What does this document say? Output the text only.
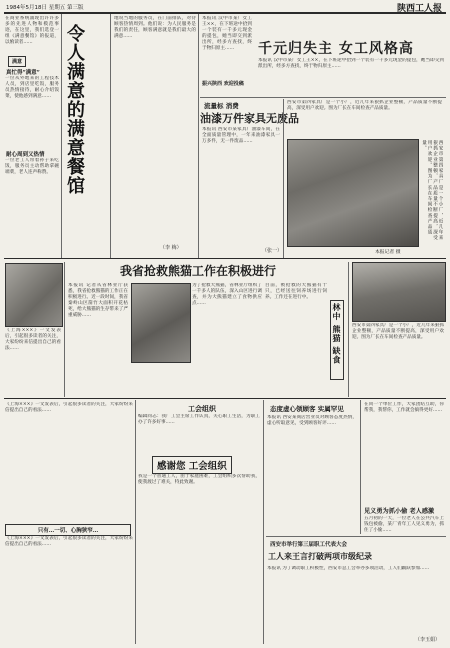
1984年5月18日 星期五 第三版	陕西工人报
在商业系统涌现出许许多多的先进人物和模范事迹，在这里，我们选登一组《满意餐馆》的报道，以飨读者……
满意
真忙得“满意”
一位从外地来的工程技术人员，到店里吃饭，服务员热情接待，耐心介绍饭菜，使他感到满意……
耐心周到又热情
一位老工人带着孙子来吃饭，服务员主动帮助拿碗端菜，老人连声称赞。 令人满意的满意餐馆
地说当地的服务员，在门前排队，对待顾客热情周到。他们说：为人民服务是我们的责任，顾客满意就是我们最大的满意……
（李 梅）
千元归失主 女工风格高
本报讯 汉中市某厂女工王××，在下班途中拾到一个装有一千多元现金的提包，她当即交到派出所，经多方查找，终于物归原主……
本报讯 汉中市某厂女工王××，在下班途中拾到一个装有一千多元现金的提包，她当即交到派出所，经多方查找，终于物归原主……
振兴陕西 欢迎投稿
流量标 消费
油漆万件家具无废品
本报讯 西安市某家具厂油漆车间，在全面质量管理中，一年来油漆家具一万多件，无一件废品……
（张一）
西安市第四家具厂是一个小厂，近几年来狠抓企业整顿，产品质量不断提高，深受用户欢迎。图为厂长在车间检查产品质量。
西安市第四家具厂是一个小厂，近几年来狠抓企业整顿，产品质量不断提高，深受用户欢迎。图为厂长在车间检查产品质量。
本报记者 摄
我省抢救熊猫工作在积极进行
本报讯 记者从省林业厅获悉，我省抢救熊猫的工作正在积极进行。近一段时间，我省秦岭山区箭竹大面积开花枯死，给大熊猫的生存带来了严重威胁……
为了抢救大熊猫，省林业厅组织了一千多人的队伍，深入山区进行调查，并为大熊猫建立了食物供应点……
目前，被抢救的大熊猫有十只，已经送往饲养场进行饲养。工作还在进行中。
林中 熊猫 缺食	西安市第四家具厂是一个小厂，近几年来狠抓企业整顿，产品质量不断提高，深受用户欢迎。图为厂长在车间检查产品质量。
《上海×××》一文发表后，引起很多读者的关注，大家纷纷来信提出自己的看法……
《上海×××》一文发表后，引起很多读者的关注，大家纷纷来信提出自己的看法……
只有…一切、心胸狭窄…
《上海×××》一文发表后，引起很多读者的关注，大家纷纷来信提出自己的看法……
工会组织
编辑同志：我厂工会主席工作认真，关心职工生活，为职工办了许多好事……
感谢您 工会组织
我是一个普通工人，由于家庭困难，工会组织多次帮助我，使我渡过了难关，特此致谢。
态度虚心领顾客 实属罕见
本报讯 西安某商店营业员对顾客态度热情，虚心听取意见，受到顾客好评……
西安市举行第三届职工代表大会
工人来王言打破两项市级纪录
本报讯 为了调动职工积极性，西安市总工会举办多项活动，工人们踊跃参加……
在同一个单位工作，大家团结互助，你帮我，我帮你，工作就会搞得更好……
见义勇为抓小偷 老人感激
五月初的一天，一位老人在公共汽车上钱包被偷，某厂青年工人见义勇为，抓住了小偷……
（李玉娟）
